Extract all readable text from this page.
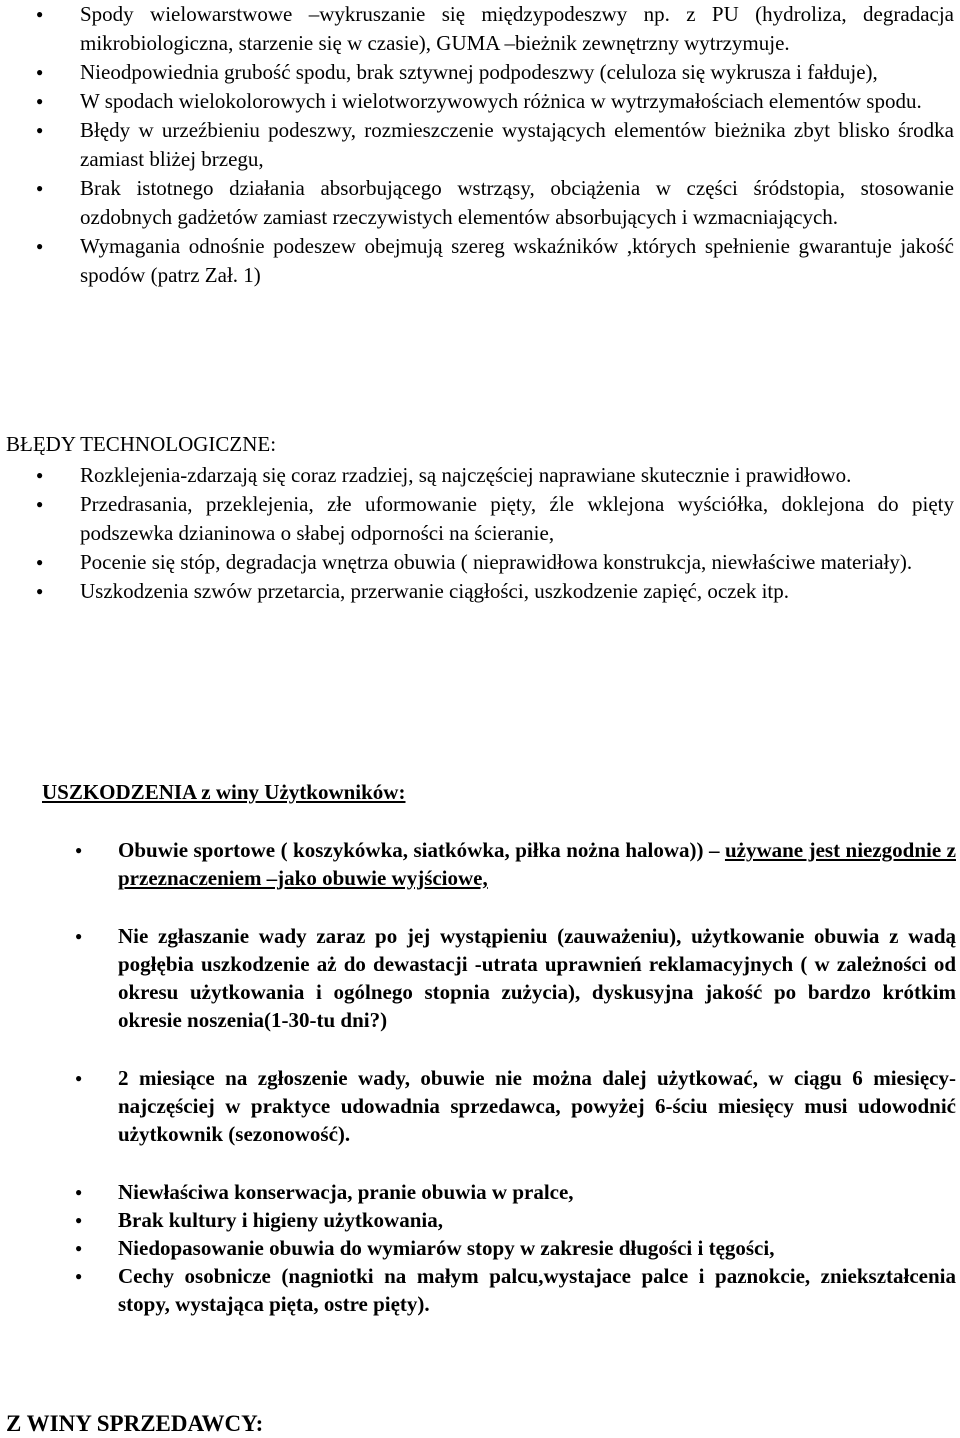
● Spody wielowarstwowe –wykruszanie się międzypodeszwy np. z PU (hydroliza, degradacja mikrobiologiczna, starzenie się w czasie), GUMA –bieżnik zewnętrzny wytrzymuje.
● Nieodpowiednia grubość spodu, brak sztywnej podpodeszwy (celuloza się wykrusza i fałduje),
● W spodach wielokolorowych i wielotworzywowych różnica w wytrzymałościach elementów spodu.
● Błędy w urzeźbieniu podeszwy, rozmieszczenie wystających elementów bieżnika zbyt blisko środka zamiast bliżej brzegu,
● Brak istotnego działania absorbującego wstrząsy, obciążenia w części śródstopia, stosowanie ozdobnych gadżetów zamiast rzeczywistych elementów absorbujących i wzmacniających.
● Wymagania odnośnie podeszew obejmują szereg wskaźników ,których spełnienie gwarantuje jakość spodów (patrz Zał. 1)
BŁĘDY TECHNOLOGICZNE:
● Rozklejenia-zdarzają się coraz rzadziej, są najczęściej naprawiane skutecznie i prawidłowo.
● Przedrasania, przeklejenia, złe uformowanie pięty, źle wklejona wyściółka, doklejona do pięty podszewka dzianinowa o słabej odporności na ścieranie,
● Pocenie się stóp, degradacja wnętrza obuwia ( nieprawidłowa konstrukcja, niewłaściwe materiały).
● Uszkodzenia szwów przetarcia, przerwanie ciągłości, uszkodzenie zapięć, oczek itp.
USZKODZENIA z winy Użytkowników:
● Obuwie sportowe ( koszykówka, siatkówka, piłka nożna halowa)) – używane jest niezgodnie z przeznaczeniem –jako obuwie wyjściowe,
● Nie zgłaszanie wady zaraz po jej wystąpieniu (zauważeniu), użytkowanie obuwia z wadą pogłębia uszkodzenie aż do dewastacji -utrata uprawnień reklamacyjnych ( w zależności od okresu użytkowania i ogólnego stopnia zużycia), dyskusyjna jakość po bardzo krótkim okresie noszenia(1-30-tu dni?)
● 2 miesiące na zgłoszenie wady, obuwie nie można dalej użytkować, w ciągu 6 miesięcy- najczęściej w praktyce udowadnia sprzedawca, powyżej 6-ściu miesięcy musi udowodnić użytkownik (sezonowość).
● Niewłaściwa konserwacja, pranie obuwia w pralce,
● Brak kultury i higieny użytkowania,
● Niedopasowanie obuwia do wymiarów stopy w zakresie długości i tęgości,
● Cechy osobnicze (nagniotki na małym palcu,wystajace palce i paznokcie, zniekształcenia stopy, wystająca pięta, ostre pięty).
Z WINY SPRZEDAWCY:
